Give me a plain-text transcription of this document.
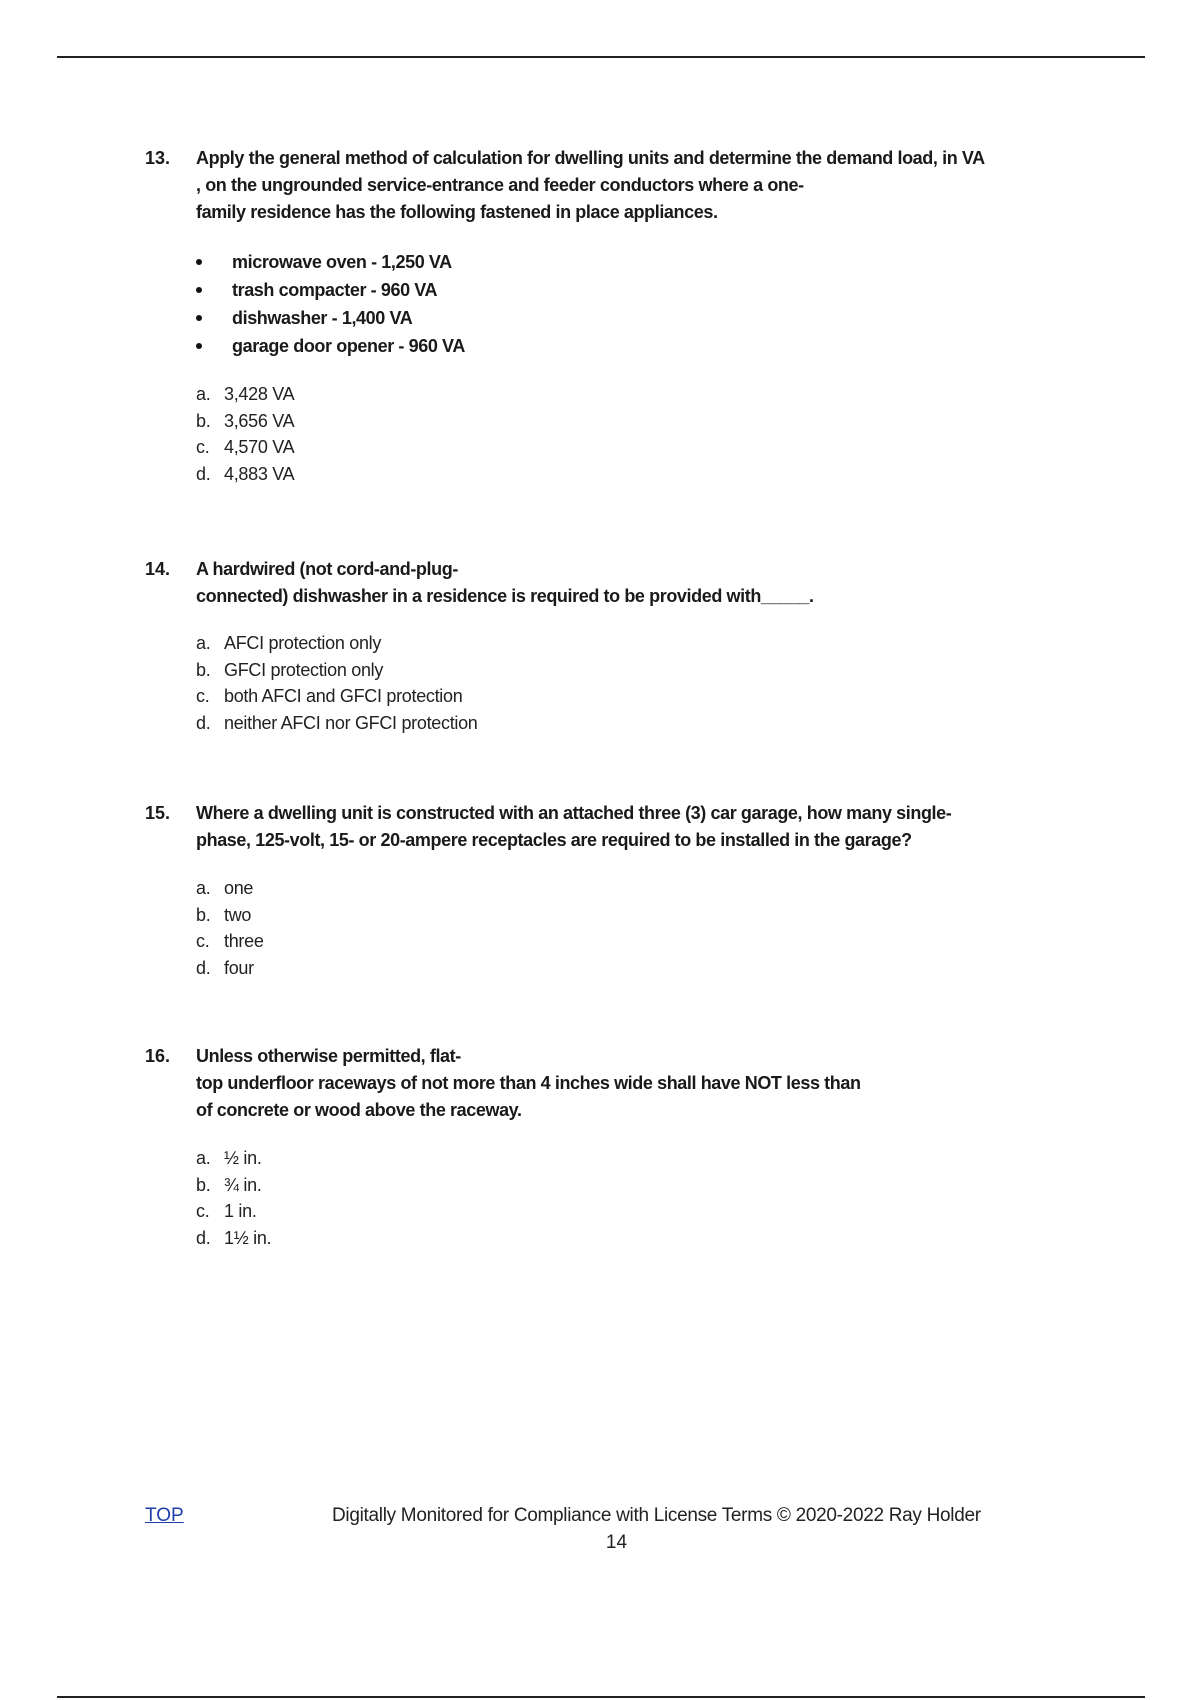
13. Apply the general method of calculation for dwelling units and determine the demand load, in VA
, on the ungrounded service-entrance and feeder conductors where a one-
family residence has the following fastened in place appliances.
microwave oven - 1,250 VA
trash compacter - 960 VA
dishwasher - 1,400 VA
garage door opener - 960 VA
a. 3,428 VA
b. 3,656 VA
c. 4,570 VA
d. 4,883 VA
14. A hardwired (not cord-and-plug-
connected) dishwasher in a residence is required to be provided with_____.
a. AFCI protection only
b. GFCI protection only
c. both AFCI and GFCI protection
d. neither AFCI nor GFCI protection
15. Where a dwelling unit is constructed with an attached three (3) car garage, how many single-
phase, 125-volt, 15- or 20-ampere receptacles are required to be installed in the garage?
a. one
b. two
c. three
d. four
16. Unless otherwise permitted, flat-
top underfloor raceways of not more than 4 inches wide shall have NOT less than
of concrete or wood above the raceway.
a. ½ in.
b. ¾ in.
c. 1 in.
d. 1½ in.
TOP	Digitally Monitored for Compliance with License Terms © 2020-2022 Ray Holder
14
